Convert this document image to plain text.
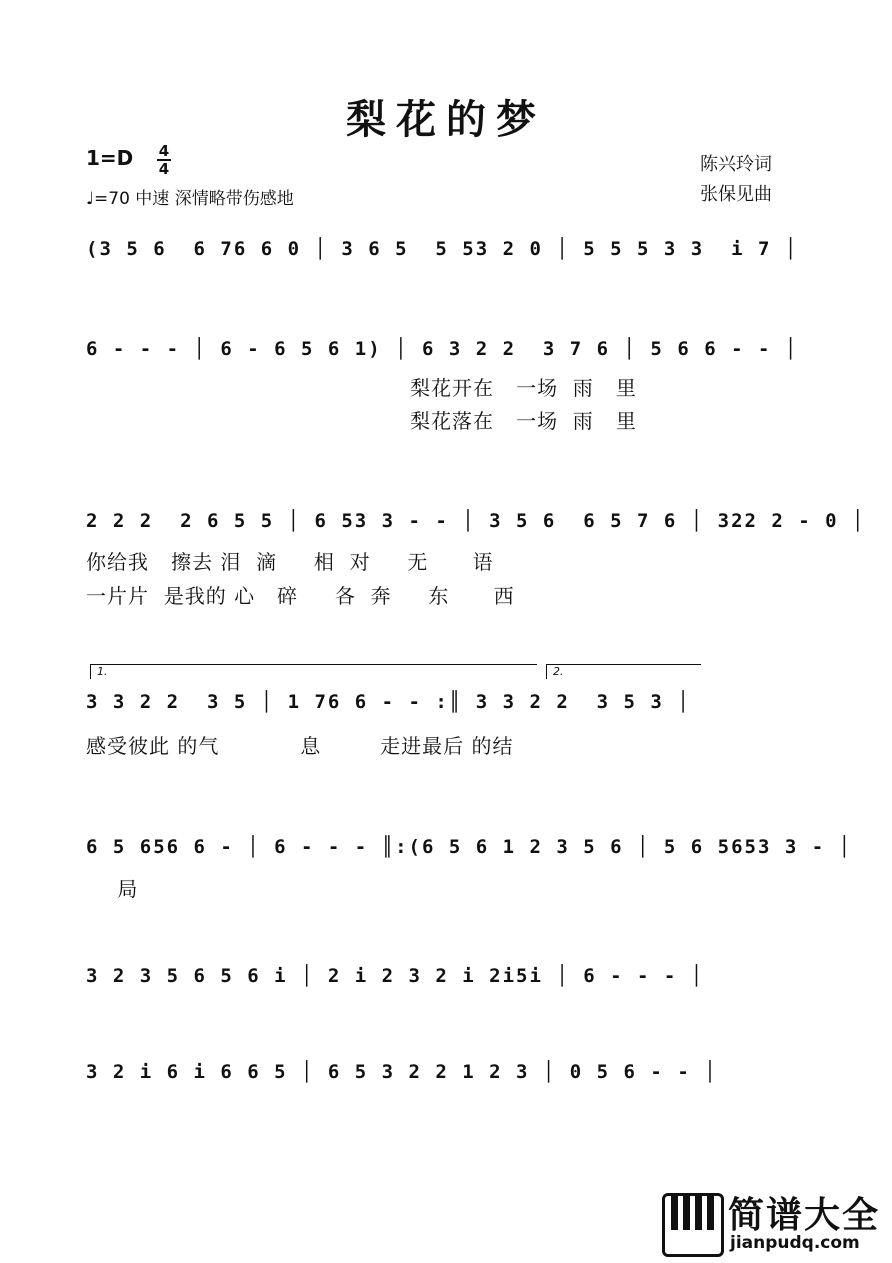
梨花的梦
1=D 4
4
♩=70 中速 深情略带伤感地
陈兴玲词
张保见曲
(3 5 6  6 76 6 0 │ 3 6 5  5 53 2 0 │ 5 5 5 3 3  i 7 │
6 - - - │ 6 - 6 5 6 1) │ 6 3 2 2  3 7 6 │ 5 6 6 - - │
梨花开在   一场  雨   里
梨花落在   一场  雨   里
2 2 2  2 6 5 5 │ 6 53 3 - - │ 3 5 6  6 5 7 6 │ 322 2 - 0 │
你给我   擦去 泪  滴     相  对     无      语
一片片  是我的 心   碎     各  奔     东      西
1.	2.
3 3 2 2  3 5 │ 1 76 6 - - :║ 3 3 2 2  3 5 3 │
感受彼此 的气           息        走进最后 的结
6 5 656 6 - │ 6 - - - ║:(6 5 6 1 2 3 5 6 │ 5 6 5653 3 - │
局
3 2 3 5 6 5 6 i │ 2 i 2 3 2 i 2i5i │ 6 - - - │
3 2 i 6 i 6 6 5 │ 6 5 3 2 2 1 2 3 │ 0 5 6 - - │
简谱大全
jianpudq.com
